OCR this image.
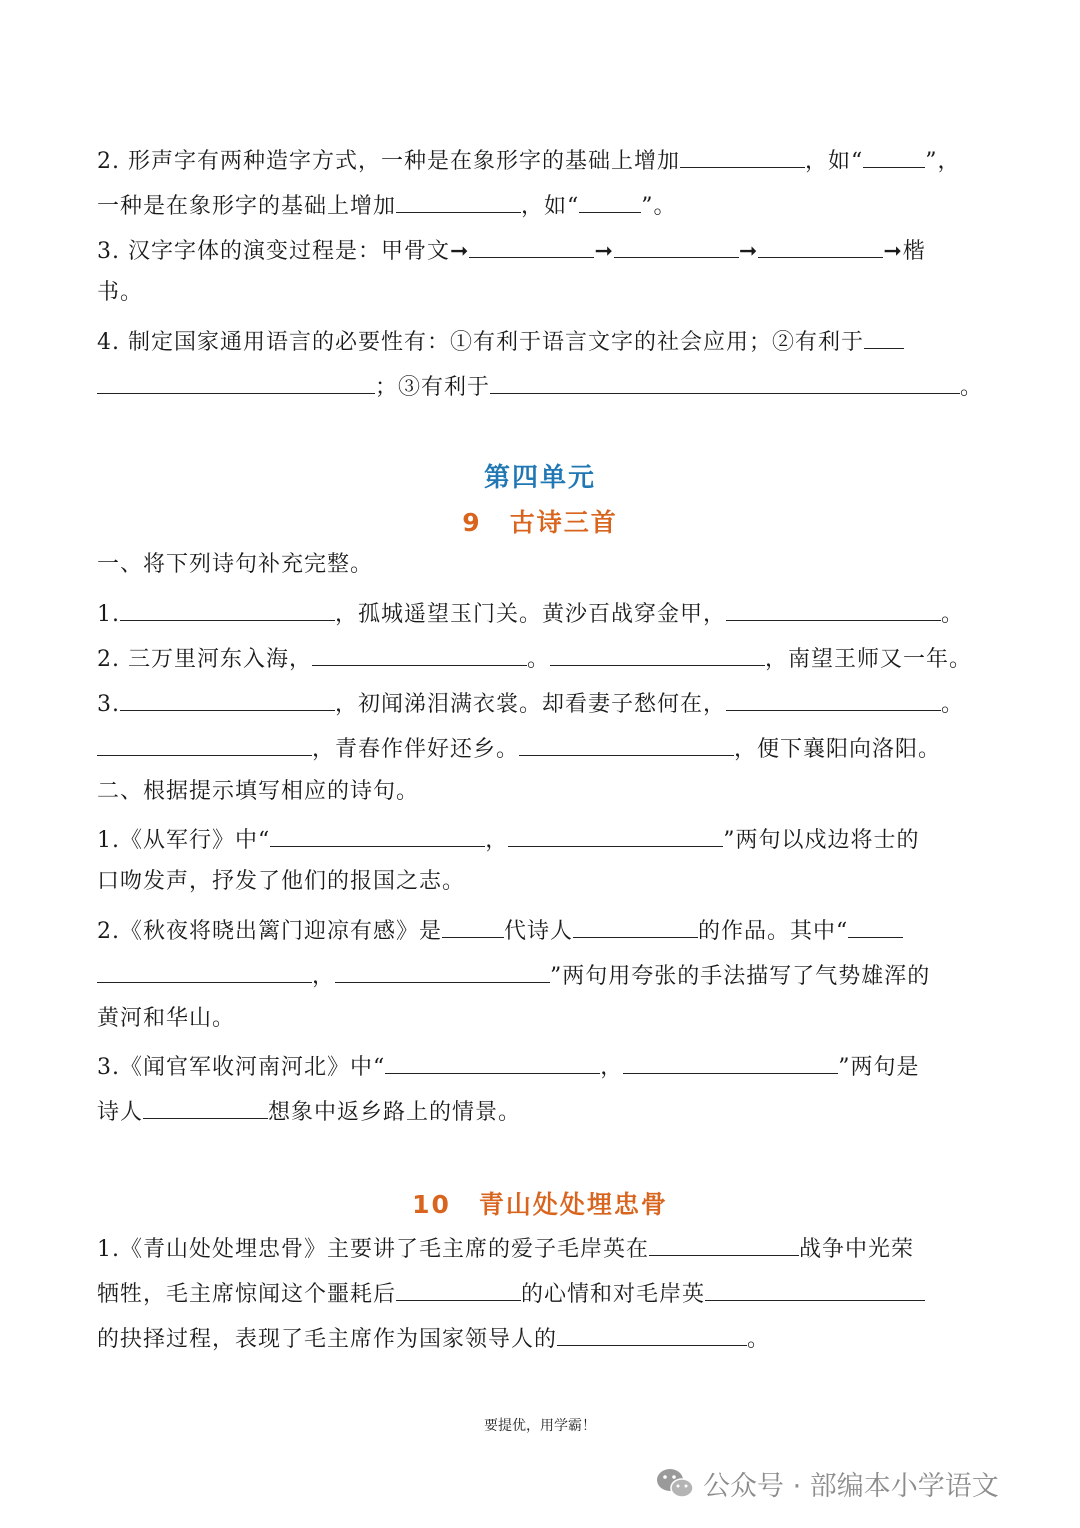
2. 形声字有两种造字方式，一种是在象形字的基础上增加	，如“	”，
一种是在象形字的基础上增加	，如“	”。
3. 汉字字体的演变过程是：甲骨文➞	➞	➞	➞楷
书。
4. 制定国家通用语言的必要性有：①有利于语言文字的社会应用；②有利于
；③有利于	。
第四单元
9 古诗三首
一、将下列诗句补充完整。
1.	，孤城遥望玉门关。黄沙百战穿金甲，	。
2. 三万里河东入海，	。	，南望王师又一年。
3.	，初闻涕泪满衣裳。却看妻子愁何在，	。
，青春作伴好还乡。	，便下襄阳向洛阳。
二、根据提示填写相应的诗句。
1.《从军行》中“	，	”两句以戍边将士的
口吻发声，抒发了他们的报国之志。
2.《秋夜将晓出篱门迎凉有感》是	代诗人	的作品。其中“
，	”两句用夸张的手法描写了气势雄浑的
黄河和华山。
3.《闻官军收河南河北》中“	，	”两句是
诗人	想象中返乡路上的情景。
10 青山处处埋忠骨
1.《青山处处埋忠骨》主要讲了毛主席的爱子毛岸英在	战争中光荣
牺牲，毛主席惊闻这个噩耗后	的心情和对毛岸英
的抉择过程，表现了毛主席作为国家领导人的	。
要提优，用学霸！
公众号 · 部编本小学语文
